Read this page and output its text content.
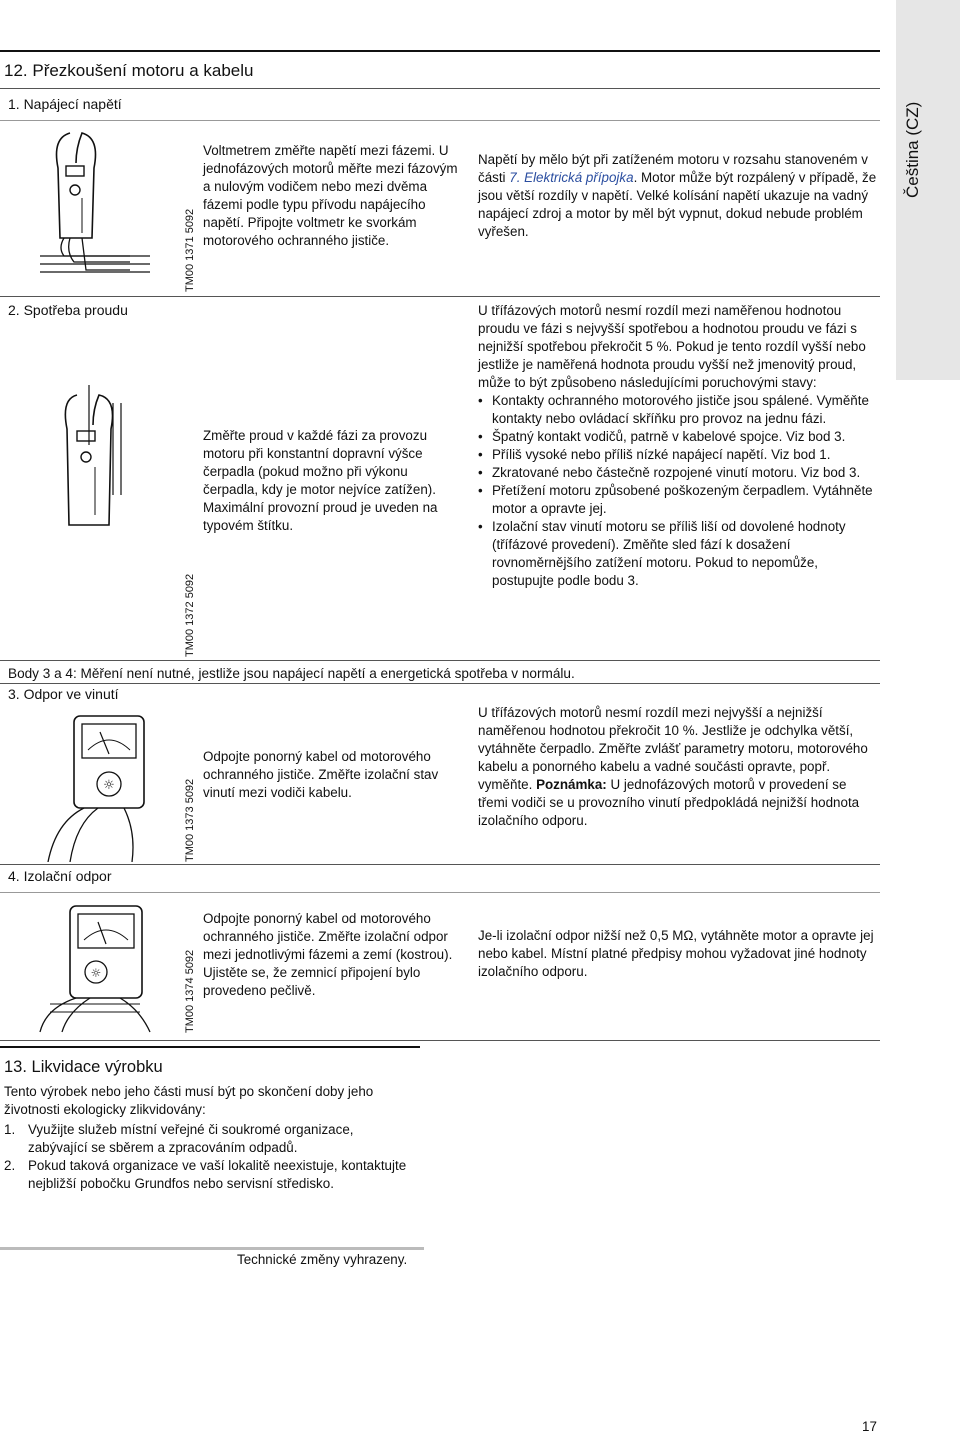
12. Přezkoušení motoru a kabelu
1. Napájecí napětí
TM00 1371 5092
Voltmetrem změřte napětí mezi fázemi. U jednofázových motorů měřte mezi fázovým a nulovým vodičem nebo mezi dvěma fázemi podle typu přívodu napájecího napětí. Připojte voltmetr ke svorkám motorového ochranného jističe.
Napětí by mělo být při zatíženém motoru v rozsahu stanoveném v části 7. Elektrická přípojka. Motor může být rozpálený v případě, že jsou větší rozdíly v napětí. Velké kolísání napětí ukazuje na vadný napájecí zdroj a motor by měl být vypnut, dokud nebude problém vyřešen.
2. Spotřeba proudu
TM00 1372 5092
Změřte proud v každé fázi za provozu motoru při konstantní dopravní výšce čerpadla (pokud možno při výkonu čerpadla, kdy je motor nejvíce zatížen). Maximální provozní proud je uveden na typovém štítku.
U třífázových motorů nesmí rozdíl mezi naměřenou hodnotou proudu ve fázi s nejvyšší spotřebou a hodnotou proudu ve fázi s nejnižší spotřebou překročit 5 %. Pokud je tento rozdíl vyšší nebo jestliže je naměřená hodnota proudu vyšší než jmenovitý proud, může to být způsobeno následujícími poruchovými stavy:
• Kontakty ochranného motorového jističe jsou spálené. Vyměňte kontakty nebo ovládací skříňku pro provoz na jednu fázi.
• Špatný kontakt vodičů, patrně v kabelové spojce. Viz bod 3.
• Příliš vysoké nebo příliš nízké napájecí napětí. Viz bod 1.
• Zkratované nebo částečně rozpojené vinutí motoru. Viz bod 3.
• Přetížení motoru způsobené poškozeným čerpadlem. Vytáhněte motor a opravte jej.
• Izolační stav vinutí motoru se příliš liší od dovolené hodnoty (třífázové provedení). Změňte sled fází k dosažení rovnoměrnějšího zatížení motoru. Pokud to nepomůže, postupujte podle bodu 3.
Body 3 a 4: Měření není nutné, jestliže jsou napájecí napětí a energetická spotřeba v normálu.
3. Odpor ve vinutí
☼	TM00 1373 5092
Odpojte ponorný kabel od motorového ochranného jističe. Změřte izolační stav vinutí mezi vodiči kabelu.
U třífázových motorů nesmí rozdíl mezi nejvyšší a nejnižší naměřenou hodnotou překročit 10 %. Jestliže je odchylka větší, vytáhněte čerpadlo. Změřte zvlášť parametry motoru, motorového kabelu a ponorného kabelu a vadné součásti opravte, popř. vyměňte. Poznámka: U jednofázových motorů v provedení se třemi vodiči se u provozního vinutí předpokládá nejnižší hodnota izolačního odporu.
4. Izolační odpor
☼	TM00 1374 5092
Odpojte ponorný kabel od motorového ochranného jističe. Změřte izolační odpor mezi jednotlivými fázemi a zemí (kostrou). Ujistěte se, že zemnicí připojení bylo provedeno pečlivě.
Je-li izolační odpor nižší než 0,5 MΩ, vytáhněte motor a opravte jej nebo kabel. Místní platné předpisy mohou vyžadovat jiné hodnoty izolačního odporu.
13. Likvidace výrobku
Tento výrobek nebo jeho části musí být po skončení doby jeho životnosti ekologicky zlikvidovány:
1. Využijte služeb místní veřejné či soukromé organizace, zabývající se sběrem a zpracováním odpadů.
2. Pokud taková organizace ve vaší lokalitě neexistuje, kontaktujte nejbližší pobočku Grundfos nebo servisní středisko.
Technické změny vyhrazeny.
17
